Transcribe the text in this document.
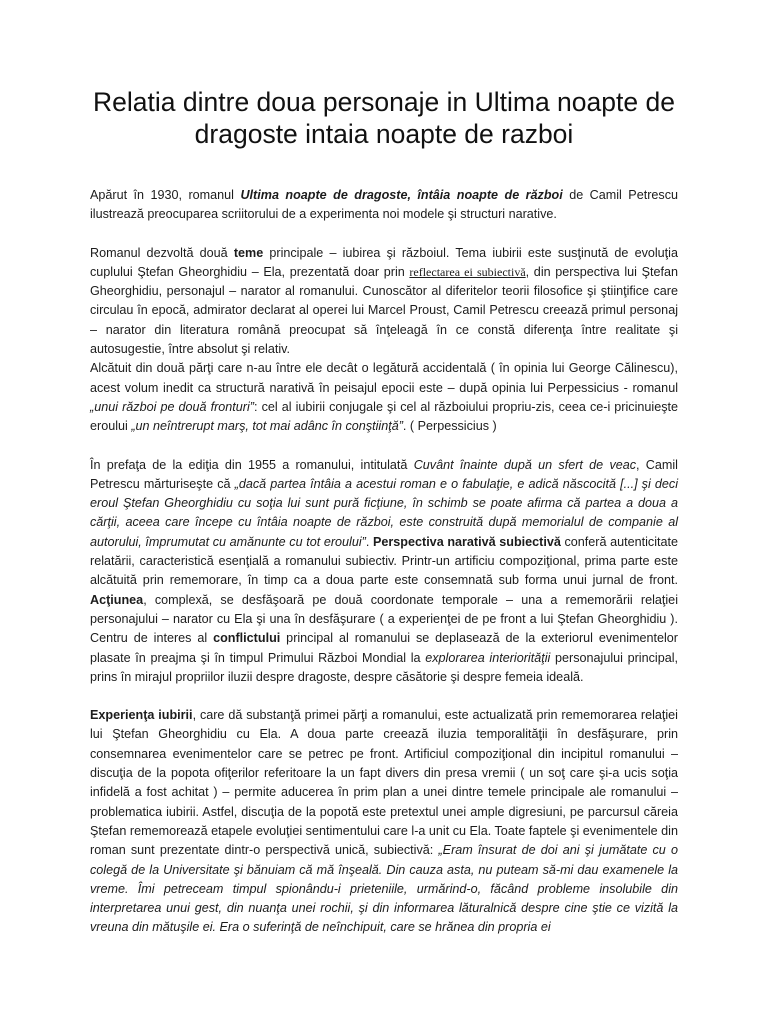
Relatia dintre doua personaje in Ultima noapte de dragoste intaia noapte de razboi

Apărut în 1930, romanul Ultima noapte de dragoste, întâia noapte de război de Camil Petrescu ilustrează preocuparea scriitorului de a experimenta noi modele şi structuri narative.

Romanul dezvoltă două teme principale – iubirea şi războiul. Tema iubirii este susţinută de evoluţia cuplului Ştefan Gheorghidiu – Ela, prezentată doar prin reflectarea ei subiectivă, din perspectiva lui Ştefan Gheorghidiu, personajul – narator al romanului. Cunoscător al diferitelor teorii filosofice şi ştiinţifice care circulau în epocă, admirator declarat al operei lui Marcel Proust, Camil Petrescu creează primul personaj – narator din literatura română preocupat să înţeleagă în ce constă diferenţa între realitate şi autosugestie, între absolut şi relativ.

Alcătuit din două părţi care n-au între ele decât o legătură accidentală ( în opinia lui George Călinescu), acest volum inedit ca structură narativă în peisajul epocii este – după opinia lui Perpessicius - romanul „unui război pe două fronturi”: cel al iubirii conjugale şi cel al războiului propriu-zis, ceea ce-i pricinuieşte eroului „un neîntrerupt marş, tot mai adânc în conştiinţă”. ( Perpessicius )

În prefaţa de la ediţia din 1955 a romanului, intitulată Cuvânt înainte după un sfert de veac, Camil Petrescu mărturiseşte că „dacă partea întâia a acestui roman e o fabulaţie, e adică născocită [...] şi deci eroul Ştefan Gheorghidiu cu soţia lui sunt pură ficţiune, în schimb se poate afirma că partea a doua a cărţii, aceea care începe cu întâia noapte de război, este construită după memorialul de companie al autorului, împrumutat cu amănunte cu tot eroului”. Perspectiva narativă subiectivă conferă autenticitate relatării, caracteristică esenţială a romanului subiectiv. Printr-un artificiu compoziţional, prima parte este alcătuită prin rememorare, în timp ca a doua parte este consemnată sub forma unui jurnal de front. Acţiunea, complexă, se desfăşoară pe două coordonate temporale – una a rememorării relaţiei personajului – narator cu Ela şi una în desfăşurare ( a experienţei de pe front a lui Ştefan Gheorghidiu ). Centru de interes al conflictului principal al romanului se deplasează de la exteriorul evenimentelor plasate în preajma şi în timpul Primului Război Mondial la explorarea interiorităţii personajului principal, prins în mirajul propriilor iluzii despre dragoste, despre căsătorie şi despre femeia ideală.

Experienţa iubirii, care dă substanţă primei părţi a romanului, este actualizată prin rememorarea relaţiei lui Ştefan Gheorghidiu cu Ela. A doua parte creează iluzia temporalităţii în desfăşurare, prin consemnarea evenimentelor care se petrec pe front. Artificiul compoziţional din incipitul romanului – discuţia de la popota ofiţerilor referitoare la un fapt divers din presa vremii ( un soţ care şi-a ucis soţia infidelă a fost achitat ) – permite aducerea în prim plan a unei dintre temele principale ale romanului – problematica iubirii. Astfel, discuţia de la popotă este pretextul unei ample digresiuni, pe parcursul căreia Ştefan rememorează etapele evoluţiei sentimentului care l-a unit cu Ela. Toate faptele şi evenimentele din roman sunt prezentate dintr-o perspectivă unică, subiectivă: „Eram însurat de doi ani şi jumătate cu o colegă de la Universitate şi bănuiam că mă înşeală. Din cauza asta, nu puteam să-mi dau examenele la vreme. Îmi petreceam timpul spionându-i prieteniile, urmărind-o, făcând probleme insolubile din interpretarea unui gest, din nuanţa unei rochii, şi din informarea lăturalnică despre cine ştie ce vizită la vreuna din mătuşile ei. Era o suferinţă de neînchipuit, care se hrănea din propria ei
